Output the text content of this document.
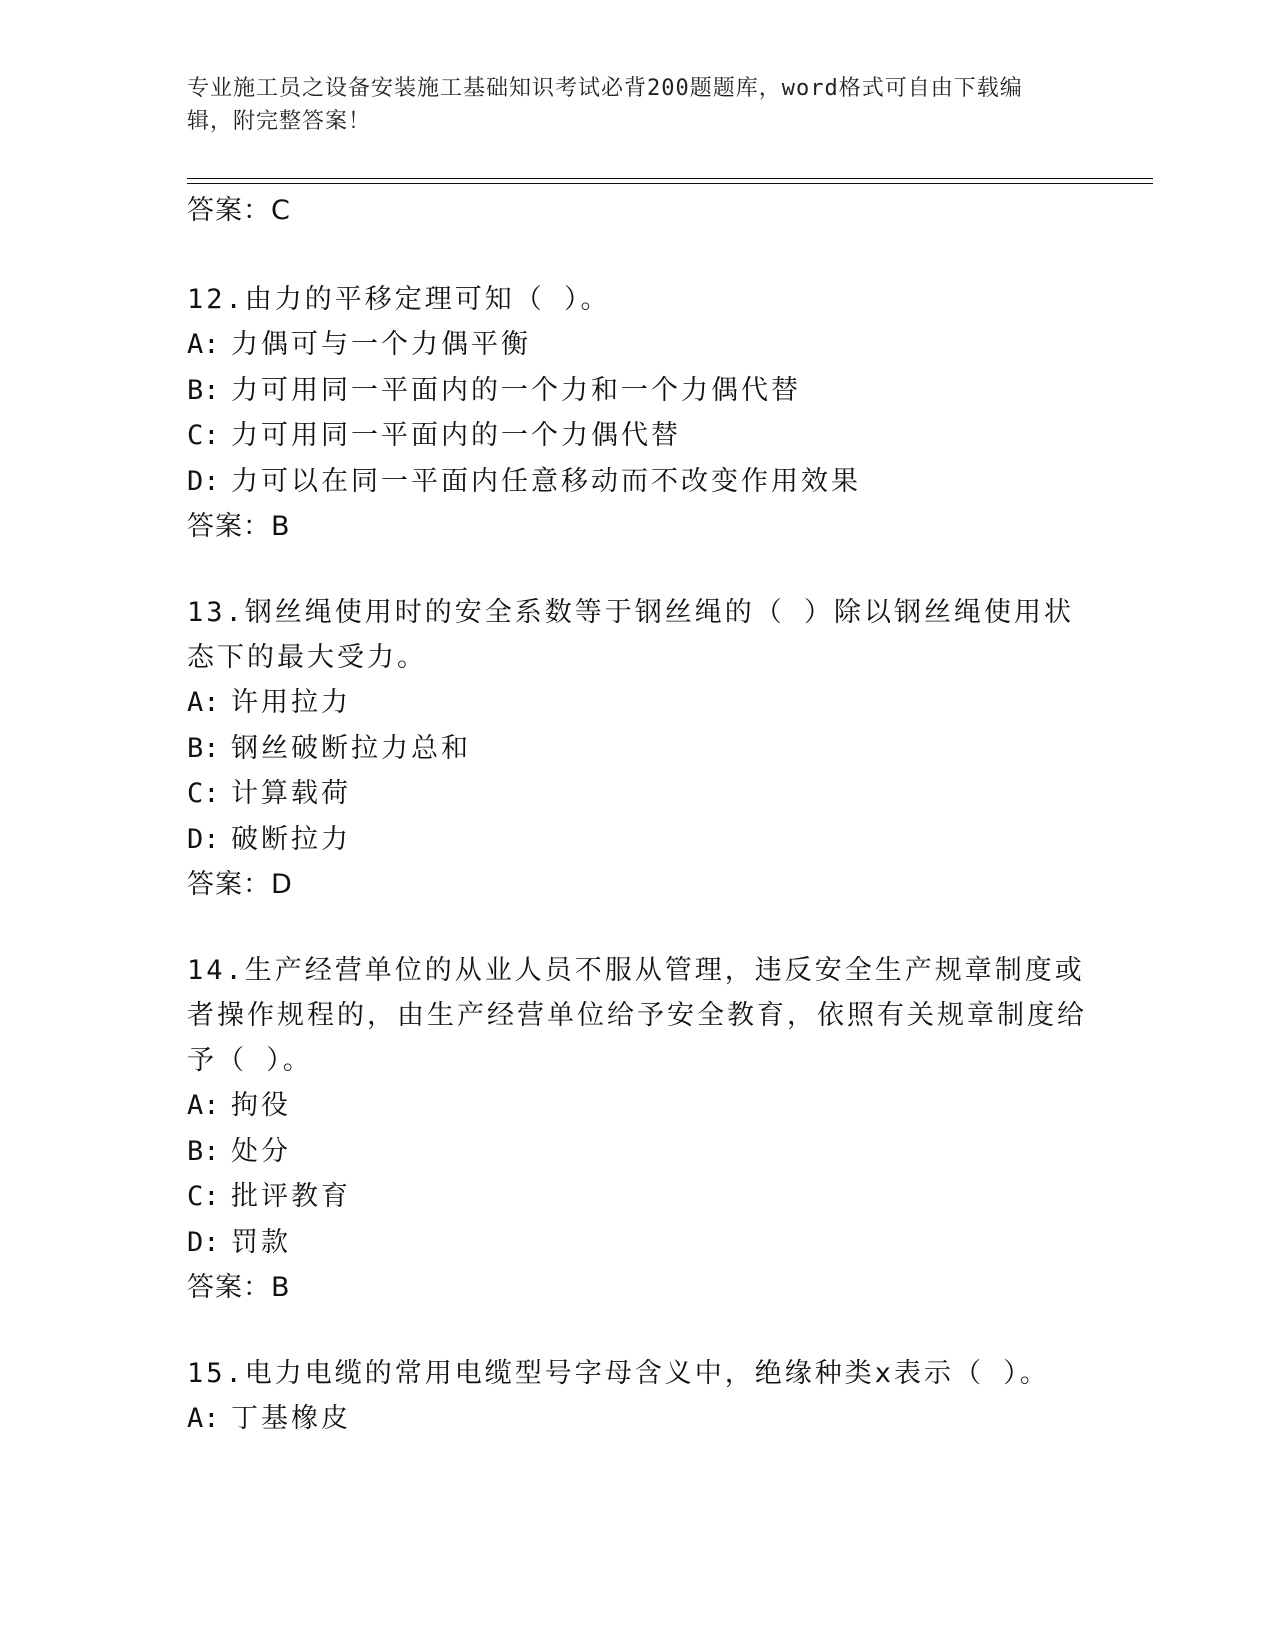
专业施工员之设备安装施工基础知识考试必背200题题库，word格式可自由下载编辑，附完整答案！
答案：C
12.由力的平移定理可知（ ）。
A: 力偶可与一个力偶平衡
B: 力可用同一平面内的一个力和一个力偶代替
C: 力可用同一平面内的一个力偶代替
D: 力可以在同一平面内任意移动而不改变作用效果
答案：B
13.钢丝绳使用时的安全系数等于钢丝绳的（ ）除以钢丝绳使用状态下的最大受力。
A: 许用拉力
B: 钢丝破断拉力总和
C: 计算载荷
D: 破断拉力
答案：D
14.生产经营单位的从业人员不服从管理，违反安全生产规章制度或者操作规程的，由生产经营单位给予安全教育，依照有关规章制度给予（ ）。
A: 拘役
B: 处分
C: 批评教育
D: 罚款
答案：B
15.电力电缆的常用电缆型号字母含义中，绝缘种类x表示（ ）。
A: 丁基橡皮
